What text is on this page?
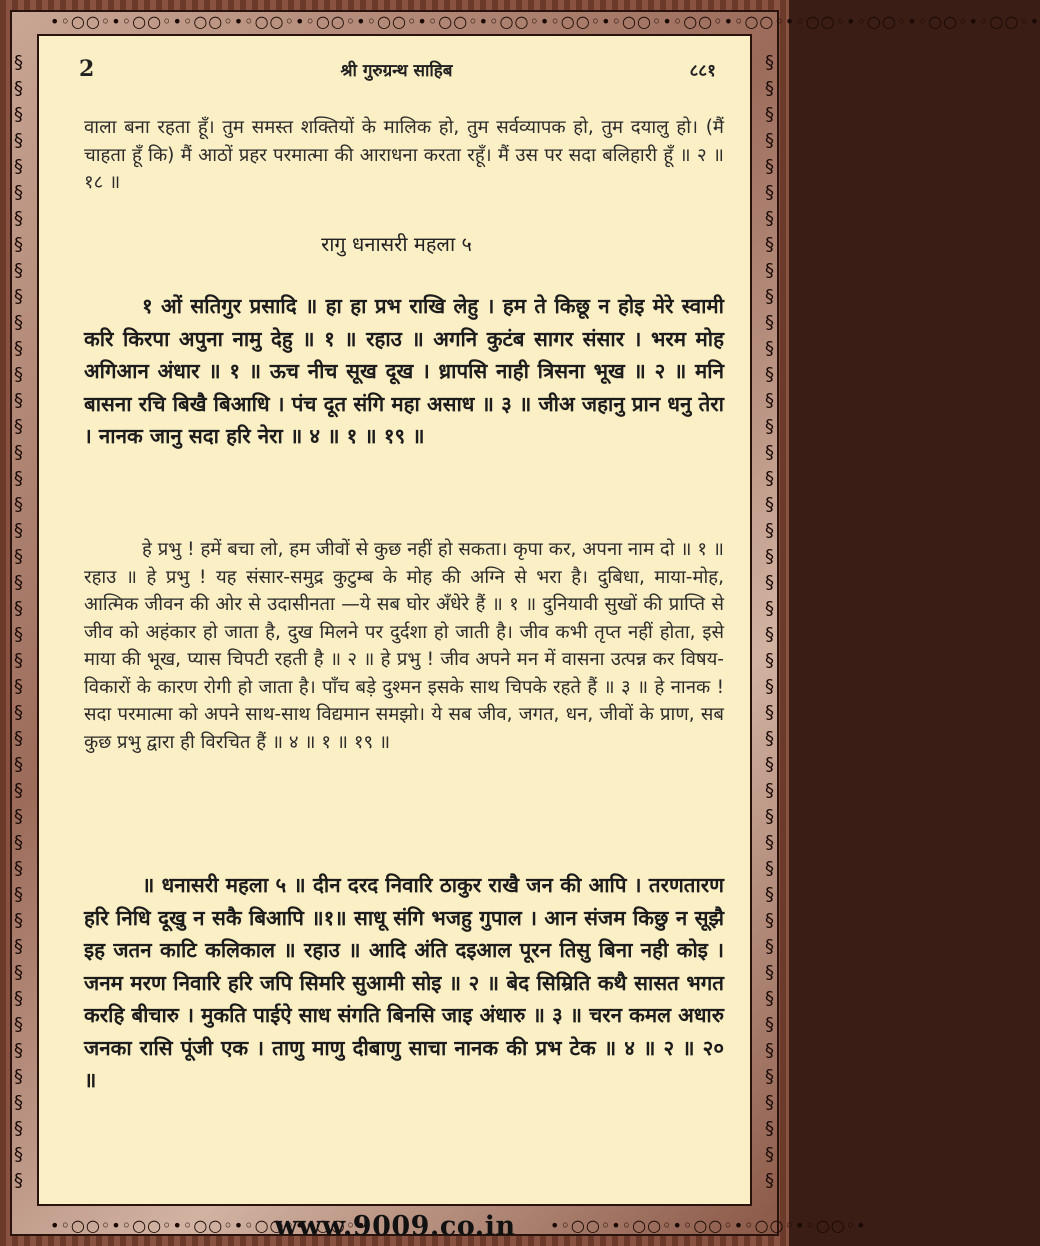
•◦○○◦•◦○○◦•◦○○◦•◦○○◦•◦○○◦•◦○○◦•◦○○◦•◦○○◦•◦○○◦•◦○○◦•◦○○◦•◦○○◦•◦○○◦•◦○○◦•◦○○◦•◦○○◦•
§ § § § § § § § § § § § § § § § § § § § § § § § § § § § § § § § § § § § § § § § § § § §
§ § § § § § § § § § § § § § § § § § § § § § § § § § § § § § § § § § § § § § § § § § § §
•◦○○◦•◦○○◦•◦○○◦•◦○○◦•◦○○◦•	•◦○○◦•◦○○◦•◦○○◦•◦○○◦•◦○○◦•
www.9009.co.in
2	श्री गुरुग्रन्थ साहिब	८८१
वाला बना रहता हूँ। तुम समस्त शक्तियों के मालिक हो, तुम सर्वव्यापक हो, तुम दयालु हो। (मैं चाहता हूँ कि) मैं आठों प्रहर परमात्मा की आराधना करता रहूँ। मैं उस पर सदा बलिहारी हूँ ॥ २ ॥ १८ ॥
रागु धनासरी महला ५
१ ओं सतिगुर प्रसादि ॥ हा हा प्रभ राखि लेहु । हम ते किछू न होइ मेरे स्वामी करि किरपा अपुना नामु देहु ॥ १ ॥ रहाउ ॥ अगनि कुटंब सागर संसार । भरम मोह अगिआन अंधार ॥ १ ॥ ऊच नीच सूख दूख । ध्रापसि नाही त्रिसना भूख ॥ २ ॥ मनि बासना रचि बिखै बिआधि । पंच दूत संगि महा असाध ॥ ३ ॥ जीअ जहानु प्रान धनु तेरा । नानक जानु सदा हरि नेरा ॥ ४ ॥ १ ॥ १९ ॥
हे प्रभु ! हमें बचा लो, हम जीवों से कुछ नहीं हो सकता। कृपा कर, अपना नाम दो ॥ १ ॥ रहाउ ॥ हे प्रभु ! यह संसार-समुद्र कुटुम्ब के मोह की अग्नि से भरा है। दुबिधा, माया-मोह, आत्मिक जीवन की ओर से उदासीनता —ये सब घोर अँधेरे हैं ॥ १ ॥ दुनियावी सुखों की प्राप्ति से जीव को अहंकार हो जाता है, दुख मिलने पर दुर्दशा हो जाती है। जीव कभी तृप्त नहीं होता, इसे माया की भूख, प्यास चिपटी रहती है ॥ २ ॥ हे प्रभु ! जीव अपने मन में वासना उत्पन्न कर विषय-विकारों के कारण रोगी हो जाता है। पाँच बड़े दुश्मन इसके साथ चिपके रहते हैं ॥ ३ ॥ हे नानक ! सदा परमात्मा को अपने साथ-साथ विद्यमान समझो। ये सब जीव, जगत, धन, जीवों के प्राण, सब कुछ प्रभु द्वारा ही विरचित हैं ॥ ४ ॥ १ ॥ १९ ॥
॥ धनासरी महला ५ ॥ दीन दरद निवारि ठाकुर राखै जन की आपि । तरणतारण हरि निधि दूखु न सकै बिआपि ॥१॥ साधू संगि भजहु गुपाल । आन संजम किछु न सूझै इह जतन काटि कलिकाल ॥ रहाउ ॥ आदि अंति दइआल पूरन तिसु बिना नही कोइ । जनम मरण निवारि हरि जपि सिमरि सुआमी सोइ ॥ २ ॥ बेद सिम्रिति कथै सासत भगत करहि बीचारु । मुकति पाईऐ साध संगति बिनसि जाइ अंधारु ॥ ३ ॥ चरन कमल अधारु जनका रासि पूंजी एक । ताणु माणु दीबाणु साचा नानक की प्रभ टेक ॥ ४ ॥ २ ॥ २० ॥
